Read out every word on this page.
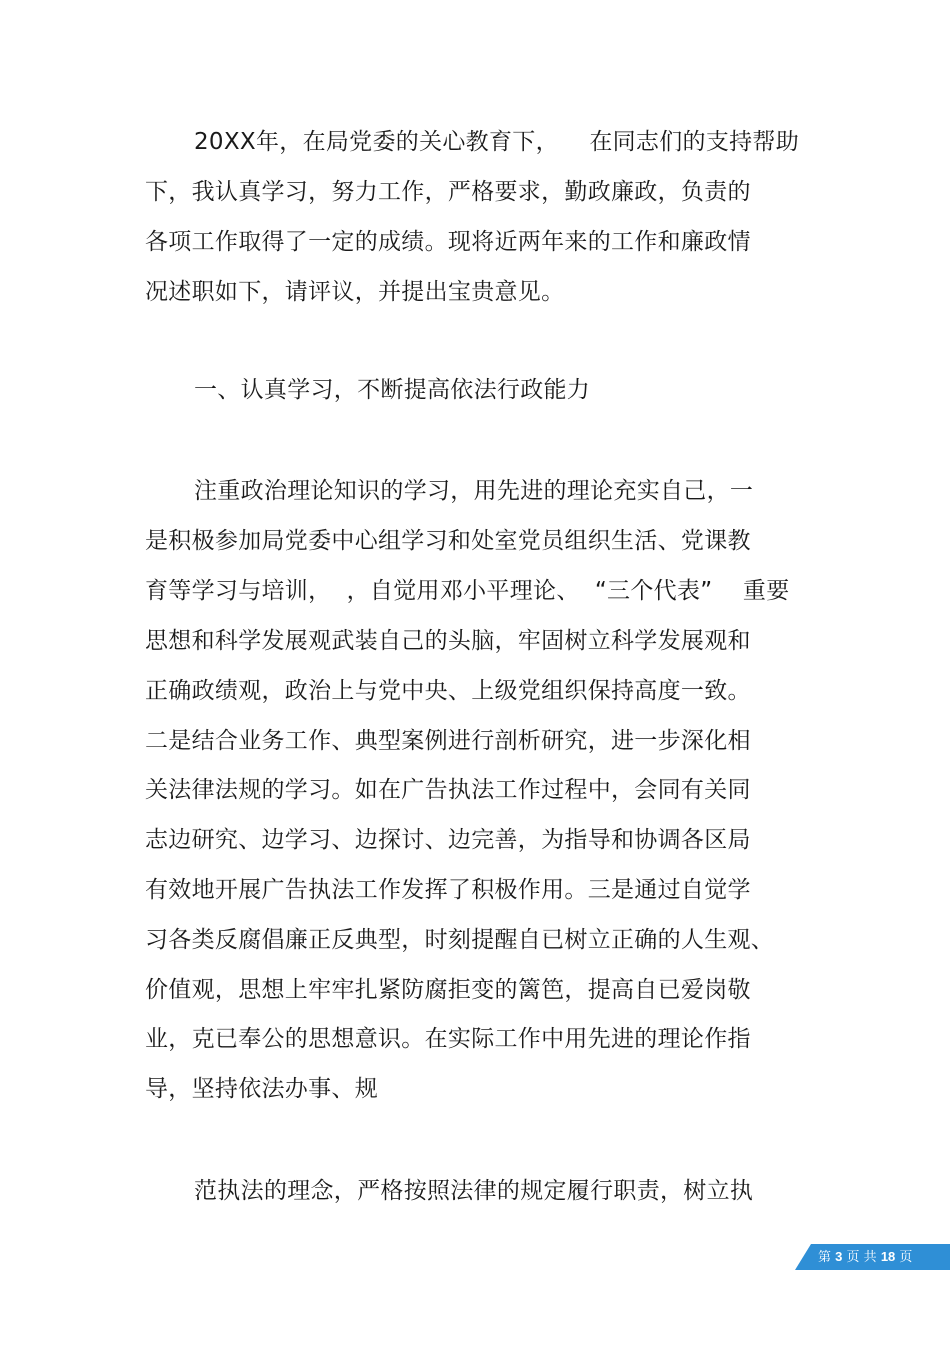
20XX年，在局党委的关心教育下，    在同志们的支持帮助
下，我认真学习，努力工作，严格要求，勤政廉政，负责的
各项工作取得了一定的成绩。现将近两年来的工作和廉政情
况述职如下，请评议，并提出宝贵意见。
一、认真学习，不断提高依法行政能力
注重政治理论知识的学习，用先进的理论充实自己，一
是积极参加局党委中心组学习和处室党员组织生活、党课教
育等学习与培训，  ，自觉用邓小平理论、  “三个代表”    重要
思想和科学发展观武装自己的头脑，牢固树立科学发展观和
正确政绩观，政治上与党中央、上级党组织保持高度一致。
二是结合业务工作、典型案例进行剖析研究，进一步深化相
关法律法规的学习。如在广告执法工作过程中，会同有关同
志边研究、边学习、边探讨、边完善，为指导和协调各区局
有效地开展广告执法工作发挥了积极作用。三是通过自觉学
习各类反腐倡廉正反典型，时刻提醒自已树立正确的人生观、
价值观，思想上牢牢扎紧防腐拒变的篱笆，提高自已爱岗敬
业，克已奉公的思想意识。在实际工作中用先进的理论作指
导，坚持依法办事、规
范执法的理念，严格按照法律的规定履行职责，树立执
第 3 页 共 18 页
